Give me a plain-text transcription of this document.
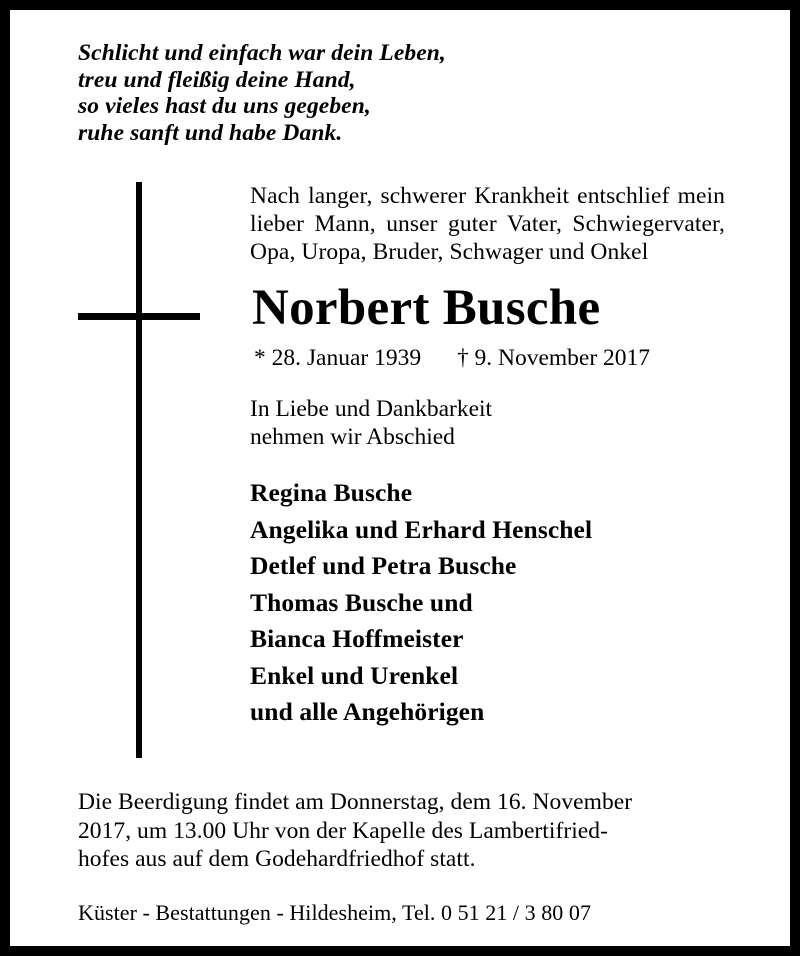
Schlicht und einfach war dein Leben,
treu und fleißig deine Hand,
so vieles hast du uns gegeben,
ruhe sanft und habe Dank.

Nach langer, schwerer Krankheit entschlief mein lieber Mann, unser guter Vater, Schwiegervater, Opa, Uropa, Bruder, Schwager und Onkel

Norbert Busche
* 28. Januar 1939 † 9. November 2017
In Liebe und Dankbarkeit
nehmen wir Abschied
Regina Busche
Angelika und Erhard Henschel
Detlef und Petra Busche
Thomas Busche und
Bianca Hoffmeister
Enkel und Urenkel
und alle Angehörigen
Die Beerdigung findet am Donnerstag, dem 16. November
2017, um 13.00 Uhr von der Kapelle des Lambertifried-
hofes aus auf dem Godehardfriedhof statt.
Küster - Bestattungen - Hildesheim, Tel. 0 51 21 / 3 80 07
